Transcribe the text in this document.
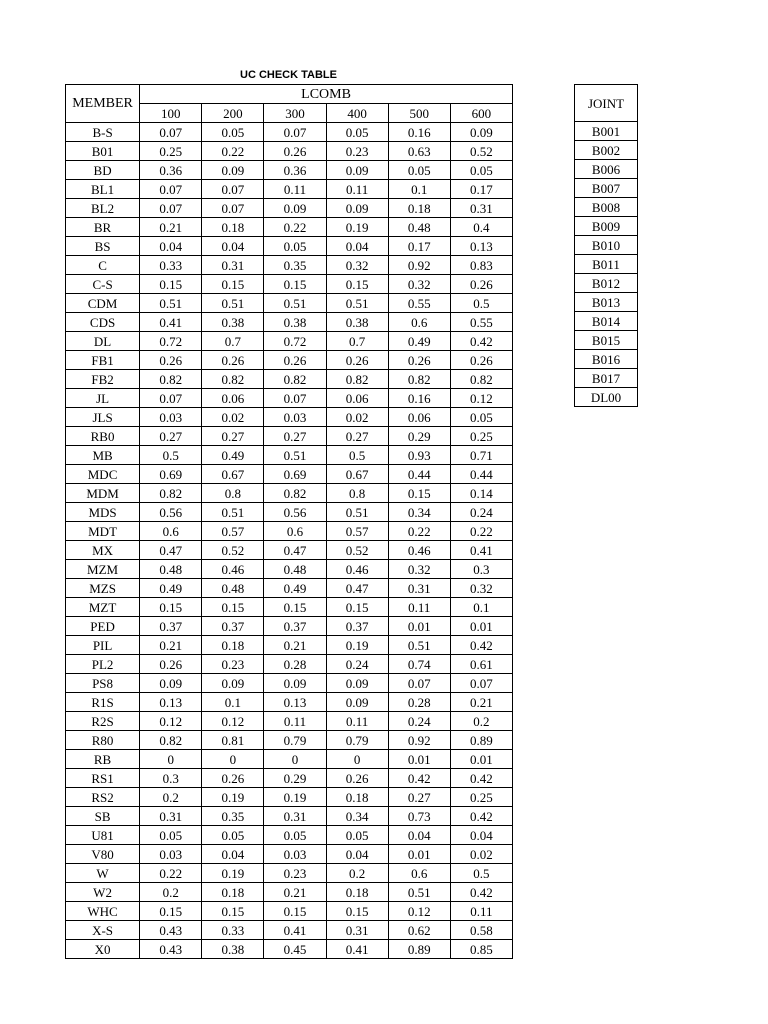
UC CHECK TABLE
MEMBER	LCOMB					
	100	200	300	400	500	600
B-S	0.07	0.05	0.07	0.05	0.16	0.09
B01	0.25	0.22	0.26	0.23	0.63	0.52
BD	0.36	0.09	0.36	0.09	0.05	0.05
BL1	0.07	0.07	0.11	0.11	0.1	0.17
BL2	0.07	0.07	0.09	0.09	0.18	0.31
BR	0.21	0.18	0.22	0.19	0.48	0.4
BS	0.04	0.04	0.05	0.04	0.17	0.13
C	0.33	0.31	0.35	0.32	0.92	0.83
C-S	0.15	0.15	0.15	0.15	0.32	0.26
CDM	0.51	0.51	0.51	0.51	0.55	0.5
CDS	0.41	0.38	0.38	0.38	0.6	0.55
DL	0.72	0.7	0.72	0.7	0.49	0.42
FB1	0.26	0.26	0.26	0.26	0.26	0.26
FB2	0.82	0.82	0.82	0.82	0.82	0.82
JL	0.07	0.06	0.07	0.06	0.16	0.12
JLS	0.03	0.02	0.03	0.02	0.06	0.05
RB0	0.27	0.27	0.27	0.27	0.29	0.25
MB	0.5	0.49	0.51	0.5	0.93	0.71
MDC	0.69	0.67	0.69	0.67	0.44	0.44
MDM	0.82	0.8	0.82	0.8	0.15	0.14
MDS	0.56	0.51	0.56	0.51	0.34	0.24
MDT	0.6	0.57	0.6	0.57	0.22	0.22
MX	0.47	0.52	0.47	0.52	0.46	0.41
MZM	0.48	0.46	0.48	0.46	0.32	0.3
MZS	0.49	0.48	0.49	0.47	0.31	0.32
MZT	0.15	0.15	0.15	0.15	0.11	0.1
PED	0.37	0.37	0.37	0.37	0.01	0.01
PIL	0.21	0.18	0.21	0.19	0.51	0.42
PL2	0.26	0.23	0.28	0.24	0.74	0.61
PS8	0.09	0.09	0.09	0.09	0.07	0.07
R1S	0.13	0.1	0.13	0.09	0.28	0.21
R2S	0.12	0.12	0.11	0.11	0.24	0.2
R80	0.82	0.81	0.79	0.79	0.92	0.89
RB	0	0	0	0	0.01	0.01
RS1	0.3	0.26	0.29	0.26	0.42	0.42
RS2	0.2	0.19	0.19	0.18	0.27	0.25
SB	0.31	0.35	0.31	0.34	0.73	0.42
U81	0.05	0.05	0.05	0.05	0.04	0.04
V80	0.03	0.04	0.03	0.04	0.01	0.02
W	0.22	0.19	0.23	0.2	0.6	0.5
W2	0.2	0.18	0.21	0.18	0.51	0.42
WHC	0.15	0.15	0.15	0.15	0.12	0.11
X-S	0.43	0.33	0.41	0.31	0.62	0.58
X0	0.43	0.38	0.45	0.41	0.89	0.85
JOINT
B001
B002
B006
B007
B008
B009
B010
B011
B012
B013
B014
B015
B016
B017
DL00
